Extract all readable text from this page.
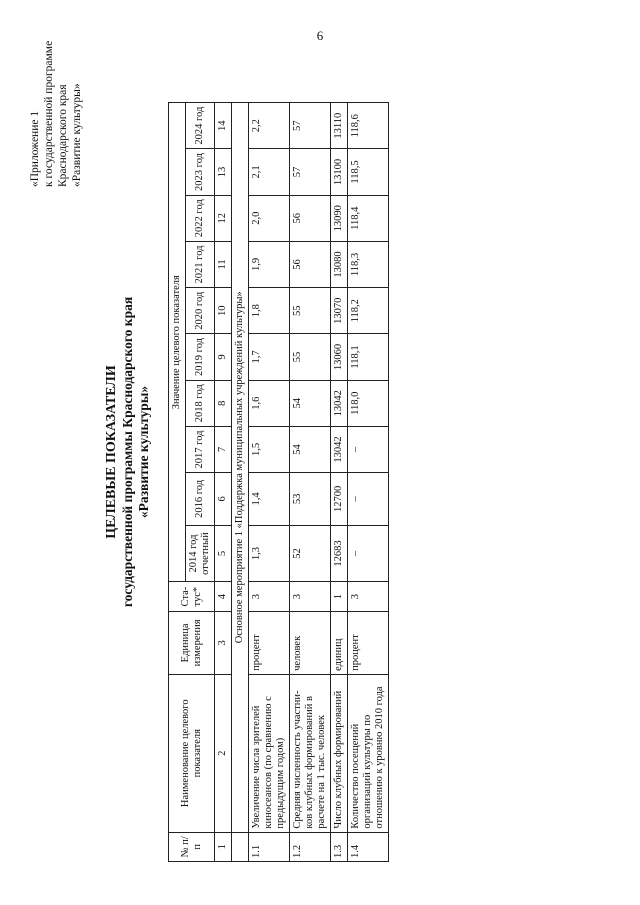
6
«Приложение 1 к государственной программе Краснодарского края «Развитие культуры»
ЦЕЛЕВЫЕ ПОКАЗАТЕЛИ государственной программы Краснодарского края «Развитие культуры»
№ п/п	Наименование целевого показателя	Единица измерения	Ста-тус*	Значение целевого показателя									
				2014 год отчетный	2016 год	2017 год	2018 год	2019 год	2020 год	2021 год	2022 год	2023 год	2024 год
1	2	3	4	5	6	7	8	9	10	11	12	13	14
	Основное мероприятие 1 «Поддержка муниципальных учреждений культуры»												
1.1	Увеличение числа зрителей киносеансов (по сравнению с предыдущим годом)	процент	3	1,3	1,4	1,5	1,6	1,7	1,8	1,9	2,0	2,1	2,2
1.2	Средняя численность участни-ков клубных формирований в расчете на 1 тыс. человек	человек	3	52	53	54	54	55	55	56	56	57	57
1.3	Число клубных формирований	единиц	1	12683	12700	13042	13042	13060	13070	13080	13090	13100	13110
1.4	Количество посещений организаций культуры по отношению к уровню 2010 года	процент	3	–	–	–	118,0	118,1	118,2	118,3	118,4	118,5	118,6
